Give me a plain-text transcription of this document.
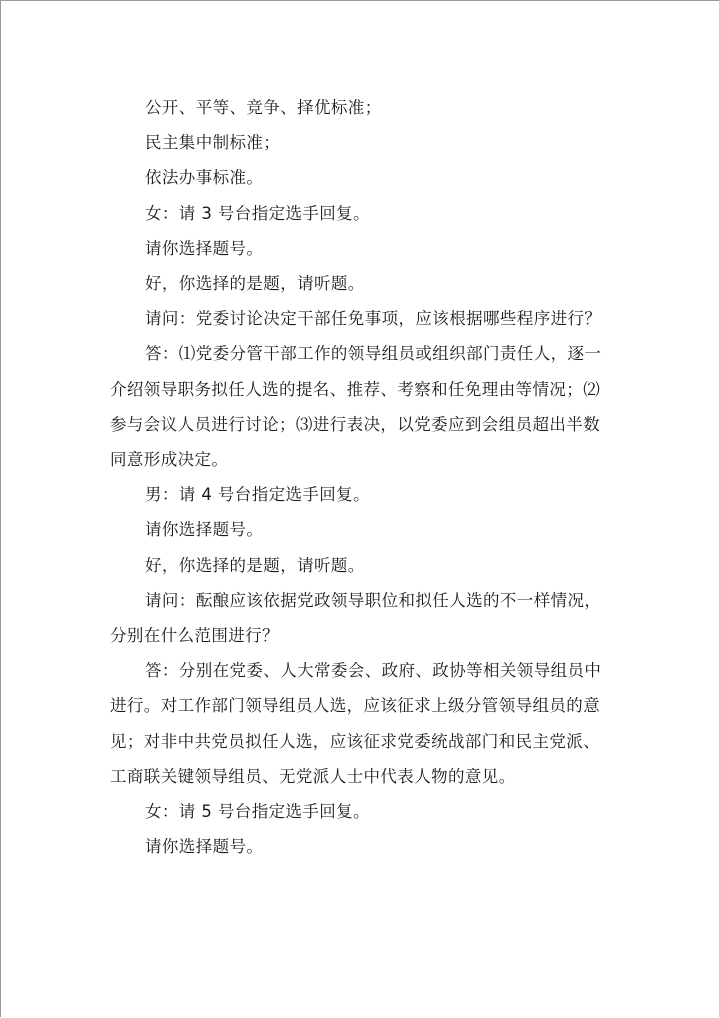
公开、平等、竞争、择优标准；

民主集中制标准；

依法办事标准。

女：请 3 号台指定选手回复。

请你选择题号。

好，你选择的是题，请听题。

请问：党委讨论决定干部任免事项，应该根据哪些程序进行？

答：⑴党委分管干部工作的领导组员或组织部门责任人，逐一介绍领导职务拟任人选的提名、推荐、考察和任免理由等情况；⑵参与会议人员进行讨论；⑶进行表决，以党委应到会组员超出半数同意形成决定。

男：请 4 号台指定选手回复。

请你选择题号。

好，你选择的是题，请听题。

请问：酝酿应该依据党政领导职位和拟任人选的不一样情况，分别在什么范围进行？

答：分别在党委、人大常委会、政府、政协等相关领导组员中进行。对工作部门领导组员人选，应该征求上级分管领导组员的意见；对非中共党员拟任人选，应该征求党委统战部门和民主党派、工商联关键领导组员、无党派人士中代表人物的意见。

女：请 5 号台指定选手回复。

请你选择题号。
